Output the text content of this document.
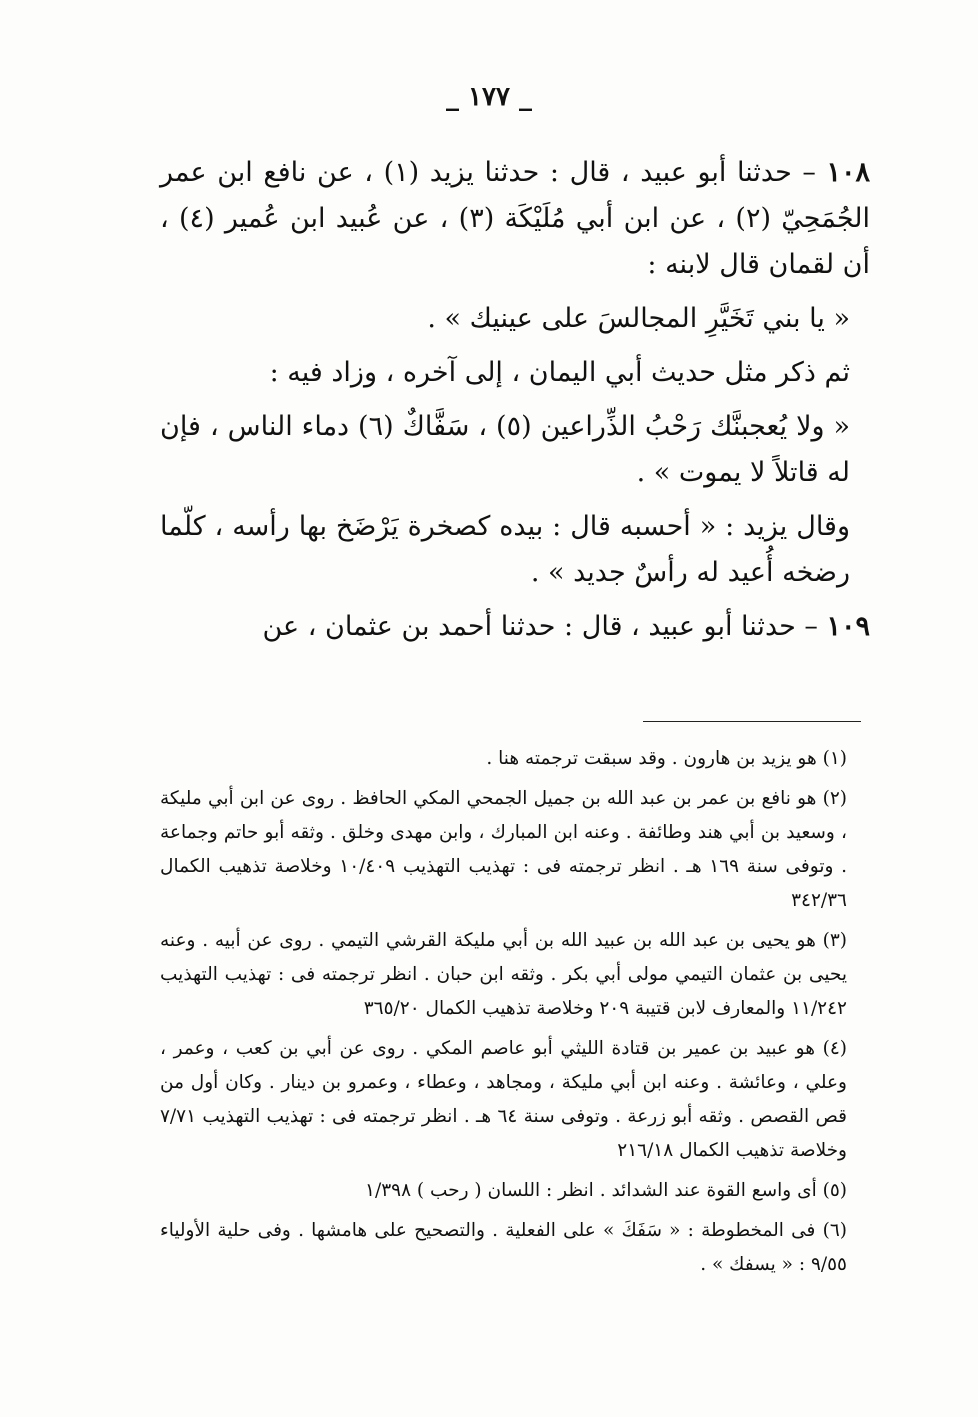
_ ١٧٧ _

١٠٨ – حدثنا أبو عبيد ، قال : حدثنا يزيد (١) ، عن نافع ابن عمر الجُمَحِيّ (٢) ، عن ابن أبي مُلَيْكَة (٣) ، عن عُبيد ابن عُمير (٤) ، أن لقمان قال لابنه :

« يا بني تَخَيَّرِ المجالسَ على عينيك » .

ثم ذكر مثل حديث أبي اليمان ، إلى آخره ، وزاد فيه :

« ولا يُعجبنَّك رَحْبُ الذِّراعين (٥) ، سَفَّاكٌ (٦) دماء الناس ، فإن له قاتلاً لا يموت » .

وقال يزيد : « أحسبه قال : بيده كصخرة يَرْضَخ بها رأسه ، كلّما رضخه أُعيد له رأسٌ جديد » .

١٠٩ – حدثنا أبو عبيد ، قال : حدثنا أحمد بن عثمان ، عن

(١) هو يزيد بن هارون . وقد سبقت ترجمته هنا .

(٢) هو نافع بن عمر بن عبد الله بن جميل الجمحي المكي الحافظ . روى عن ابن أبي مليكة ، وسعيد بن أبي هند وطائفة . وعنه ابن المبارك ، وابن مهدى وخلق . وثقه أبو حاتم وجماعة . وتوفى سنة ١٦٩ هـ . انظر ترجمته فى : تهذيب التهذيب ١٠/٤٠٩ وخلاصة تذهيب الكمال ٣٤٢/٣٦

(٣) هو يحيى بن عبد الله بن عبيد الله بن أبي مليكة القرشي التيمي . روى عن أبيه . وعنه يحيى بن عثمان التيمي مولى أبي بكر . وثقه ابن حبان . انظر ترجمته فى : تهذيب التهذيب ١١/٢٤٢ والمعارف لابن قتيبة ٢٠٩ وخلاصة تذهيب الكمال ٣٦٥/٢٠

(٤) هو عبيد بن عمير بن قتادة الليثي أبو عاصم المكي . روى عن أبي بن كعب ، وعمر ، وعلي ، وعائشة . وعنه ابن أبي مليكة ، ومجاهد ، وعطاء ، وعمرو بن دينار . وكان أول من قص القصص . وثقه أبو زرعة . وتوفى سنة ٦٤ هـ . انظر ترجمته فى : تهذيب التهذيب ٧/٧١ وخلاصة تذهيب الكمال ٢١٦/١٨

(٥) أى واسع القوة عند الشدائد . انظر : اللسان ( رحب ) ١/٣٩٨

(٦) فى المخطوطة : « سَفَكَ » على الفعلية . والتصحيح على هامشها . وفى حلية الأولياء ٩/٥٥ : « يسفك » .
